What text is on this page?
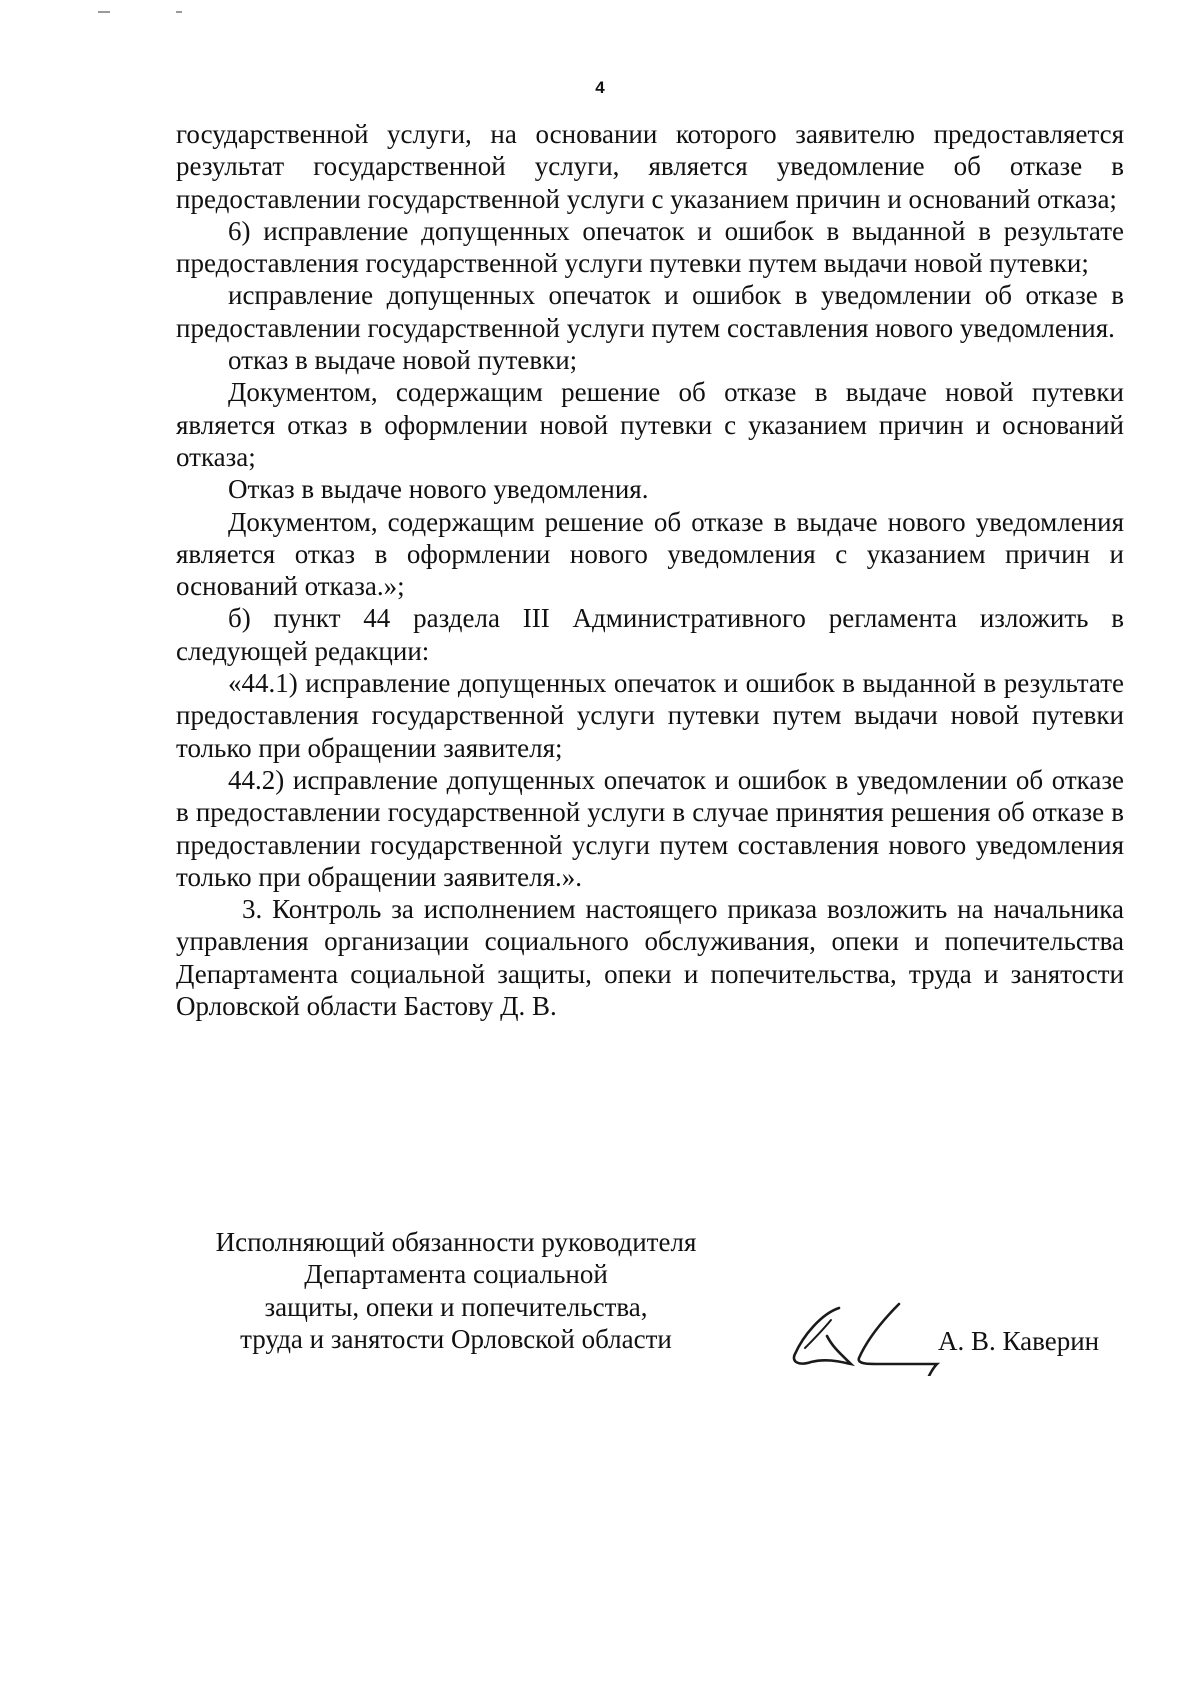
4

государственной услуги, на основании которого заявителю предоставляется результат государственной услуги, является уведомление об отказе в предоставлении государственной услуги с указанием причин и оснований отказа;

6) исправление допущенных опечаток и ошибок в выданной в результате предоставления государственной услуги путевки путем выдачи новой путевки;

исправление допущенных опечаток и ошибок в уведомлении об отказе в предоставлении государственной услуги путем составления нового уведомления.

отказ в выдаче новой путевки;

Документом, содержащим решение об отказе в выдаче новой путевки является отказ в оформлении новой путевки с указанием причин и оснований отказа;

Отказ в выдаче нового уведомления.

Документом, содержащим решение об отказе в выдаче нового уведомления является отказ в оформлении нового уведомления с указанием причин и оснований отказа.»;

б) пункт 44 раздела III Административного регламента изложить в следующей редакции:

«44.1) исправление допущенных опечаток и ошибок в выданной в результате предоставления государственной услуги путевки путем выдачи новой путевки только при обращении заявителя;

44.2) исправление допущенных опечаток и ошибок в уведомлении об отказе в предоставлении государственной услуги в случае принятия решения об отказе в предоставлении государственной услуги путем составления нового уведомления только при обращении заявителя.».

3. Контроль за исполнением настоящего приказа возложить на начальника управления организации социального обслуживания, опеки и попечительства Департамента социальной защиты, опеки и попечительства, труда и занятости Орловской области Бастову Д. В.

Исполняющий обязанности руководителя
Департамента социальной
защиты, опеки и попечительства,
труда и занятости Орловской области	А. В. Каверин
